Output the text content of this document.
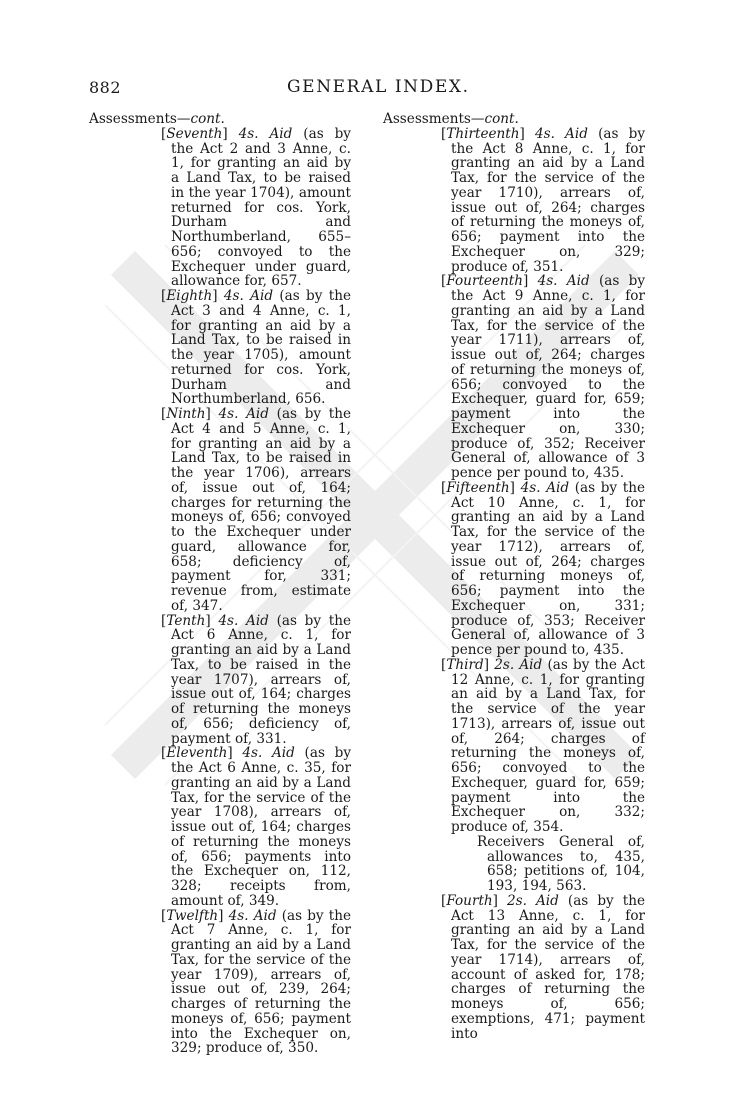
882	GENERAL INDEX.
Assessments—cont.
[Seventh] 4s. Aid (as by the Act 2 and 3 Anne, c. 1, for granting an aid by a Land Tax, to be raised in the year 1704), amount returned for cos. York, Durham and Northumberland, 655–656; convoyed to the Exchequer under guard, allowance for, 657.
[Eighth] 4s. Aid (as by the Act 3 and 4 Anne, c. 1, for granting an aid by a Land Tax, to be raised in the year 1705), amount returned for cos. York, Durham and Northumberland, 656.
[Ninth] 4s. Aid (as by the Act 4 and 5 Anne, c. 1, for granting an aid by a Land Tax, to be raised in the year 1706), arrears of, issue out of, 164; charges for returning the moneys of, 656; convoyed to the Exchequer under guard, allowance for, 658; deficiency of, payment for, 331; revenue from, estimate of, 347.
[Tenth] 4s. Aid (as by the Act 6 Anne, c. 1, for granting an aid by a Land Tax, to be raised in the year 1707), arrears of, issue out of, 164; charges of returning the moneys of, 656; deficiency of, payment of, 331.
[Eleventh] 4s. Aid (as by the Act 6 Anne, c. 35, for granting an aid by a Land Tax, for the service of the year 1708), arrears of, issue out of, 164; charges of returning the moneys of, 656; payments into the Exchequer on, 112, 328; receipts from, amount of, 349.
[Twelfth] 4s. Aid (as by the Act 7 Anne, c. 1, for granting an aid by a Land Tax, for the service of the year 1709), arrears of, issue out of, 239, 264; charges of returning the moneys of, 656; payment into the Exchequer on, 329; produce of, 350.
Assessments—cont.
[Thirteenth] 4s. Aid (as by the Act 8 Anne, c. 1, for granting an aid by a Land Tax, for the service of the year 1710), arrears of, issue out of, 264; charges of returning the moneys of, 656; payment into the Exchequer on, 329; produce of, 351.
[Fourteenth] 4s. Aid (as by the Act 9 Anne, c. 1, for granting an aid by a Land Tax, for the service of the year 1711), arrears of, issue out of, 264; charges of returning the moneys of, 656; convoyed to the Exchequer, guard for, 659; payment into the Exchequer on, 330; produce of, 352; Receiver General of, allowance of 3 pence per pound to, 435.
[Fifteenth] 4s. Aid (as by the Act 10 Anne, c. 1, for granting an aid by a Land Tax, for the service of the year 1712), arrears of, issue out of, 264; charges of returning moneys of, 656; payment into the Exchequer on, 331; produce of, 353; Receiver General of, allowance of 3 pence per pound to, 435.
[Third] 2s. Aid (as by the Act 12 Anne, c. 1, for granting an aid by a Land Tax, for the service of the year 1713), arrears of, issue out of, 264; charges of returning the moneys of, 656; convoyed to the Exchequer, guard for, 659; payment into the Exchequer on, 332; produce of, 354.
Receivers General of, allowances to, 435, 658; petitions of, 104, 193, 194, 563.
[Fourth] 2s. Aid (as by the Act 13 Anne, c. 1, for granting an aid by a Land Tax, for the service of the year 1714), arrears of, account of asked for, 178; charges of returning the moneys of, 656; exemptions, 471; payment into
